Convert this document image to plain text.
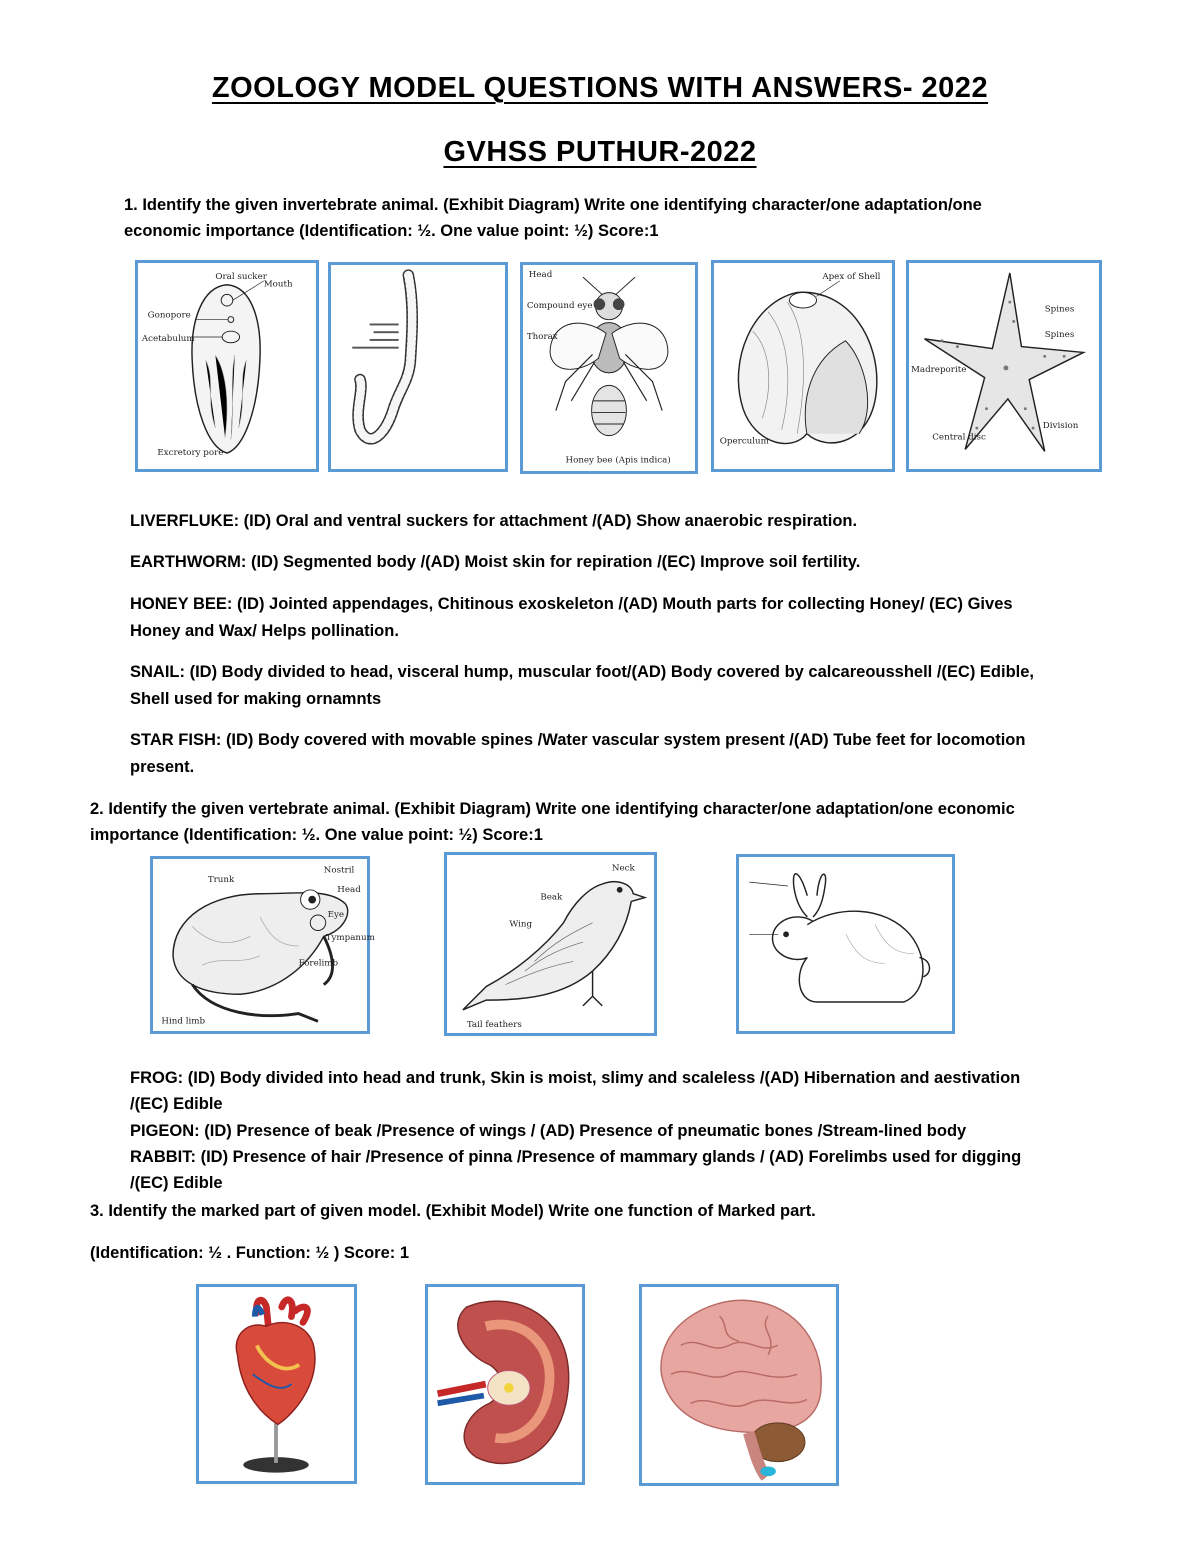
ZOOLOGY MODEL QUESTIONS WITH ANSWERS- 2022
GVHSS PUTHUR-2022
1. Identify the given invertebrate animal. (Exhibit Diagram) Write one identifying character/one adaptation/one
economic importance (Identification: ½. One value point: ½) Score:1
Oral sucker
Mouth
Gonopore
Acetabulum
Excretory pore
Head
Compound eye
Thorax
Honey bee (Apis indica)
Apex of Shell
Operculum
Spines
Spines
Madreporite
Central disc
Division
LIVERFLUKE: (ID) Oral and ventral suckers for attachment /(AD) Show anaerobic respiration.
EARTHWORM: (ID) Segmented body /(AD) Moist skin for repiration /(EC) Improve soil fertility.
HONEY BEE: (ID) Jointed appendages, Chitinous exoskeleton /(AD) Mouth parts for collecting Honey/ (EC) Gives
Honey and Wax/ Helps pollination.
SNAIL: (ID) Body divided to head, visceral hump, muscular foot/(AD) Body covered by calcareousshell /(EC) Edible,
Shell used for making ornamnts
STAR FISH: (ID) Body covered with movable spines /Water vascular system present /(AD) Tube feet for locomotion
present.
2. Identify the given vertebrate animal. (Exhibit Diagram) Write one identifying character/one adaptation/one economic
importance (Identification: ½. One value point: ½) Score:1
Nostril
Eye
Tympanum
Head
Trunk
Forelimb
Hind limb
Beak
Neck
Wing
Tail feathers
FROG: (ID) Body divided into head and trunk, Skin is moist, slimy and scaleless /(AD) Hibernation and aestivation
/(EC) Edible
PIGEON: (ID) Presence of beak /Presence of wings / (AD) Presence of pneumatic bones /Stream-lined body
RABBIT: (ID) Presence of hair /Presence of pinna /Presence of mammary glands / (AD) Forelimbs used for digging
/(EC) Edible
3. Identify the marked part of given model. (Exhibit Model) Write one function of Marked part.
(Identification: ½ . Function: ½ ) Score: 1
